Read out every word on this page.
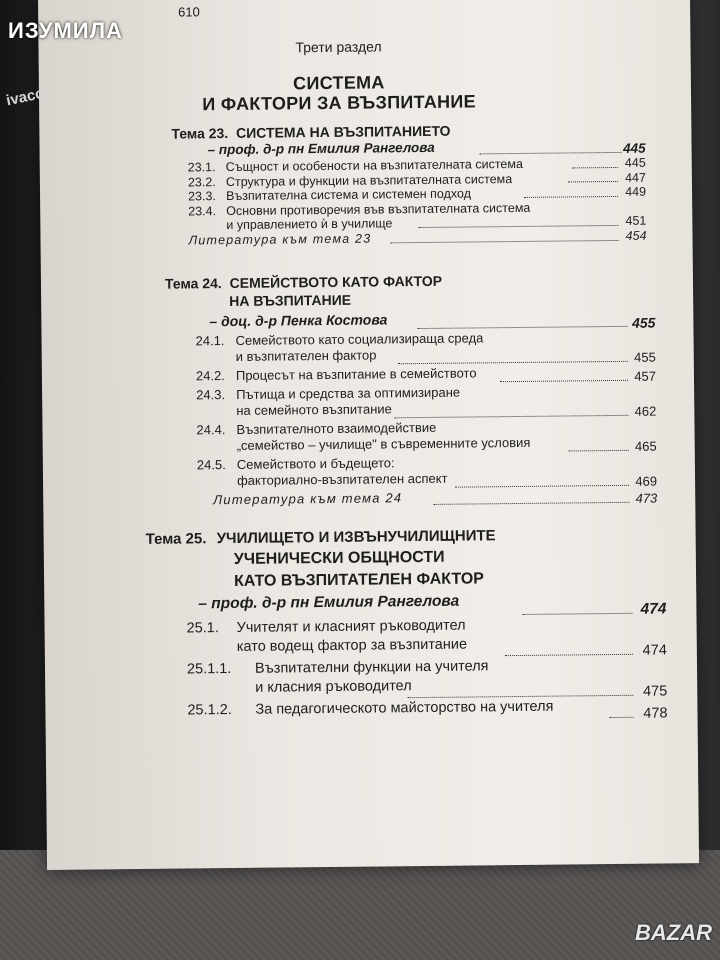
610
Трети раздел
СИСТЕМА
И ФАКТОРИ ЗА ВЪЗПИТАНИЕ
Тема 23. СИСТЕМА НА ВЪЗПИТАНИЕТО
– проф. д-р пн Емилия Рангелова	445
23.1. Същност и особености на възпитателната система	445
23.2. Структура и функции на възпитателната система	447
23.3. Възпитателна система и системен подход	449
23.4. Основни противоречия във възпитателната система
и управлението ѝ в училище	451
Литература към тема 23	454
Тема 24. СЕМЕЙСТВОТО КАТО ФАКТОР
НА ВЪЗПИТАНИЕ
– доц. д-р Пенка Костова	455
24.1. Семейството като социализираща среда
и възпитателен фактор	455
24.2. Процесът на възпитание в семейството	457
24.3. Пътища и средства за оптимизиране
на семейното възпитание	462
24.4. Възпитателното взаимодействие
„семейство – училище" в съвременните условия	465
24.5. Семейството и бъдещето:
факториално-възпитателен аспект	469
Литература към тема 24	473
Тема 25. УЧИЛИЩЕТО И ИЗВЪНУЧИЛИЩНИТЕ
УЧЕНИЧЕСКИ ОБЩНОСТИ
КАТО ВЪЗПИТАТЕЛЕН ФАКТОР
– проф. д-р пн Емилия Рангелова	474
25.1. Учителят и класният ръководител
като водещ фактор за възпитание	474
25.1.1. Възпитателни функции на учителя
и класния ръководител	475
25.1.2. За педагогическото майсторство на учителя	478
ИЗУМИЛА
ivacor
BAZAR
